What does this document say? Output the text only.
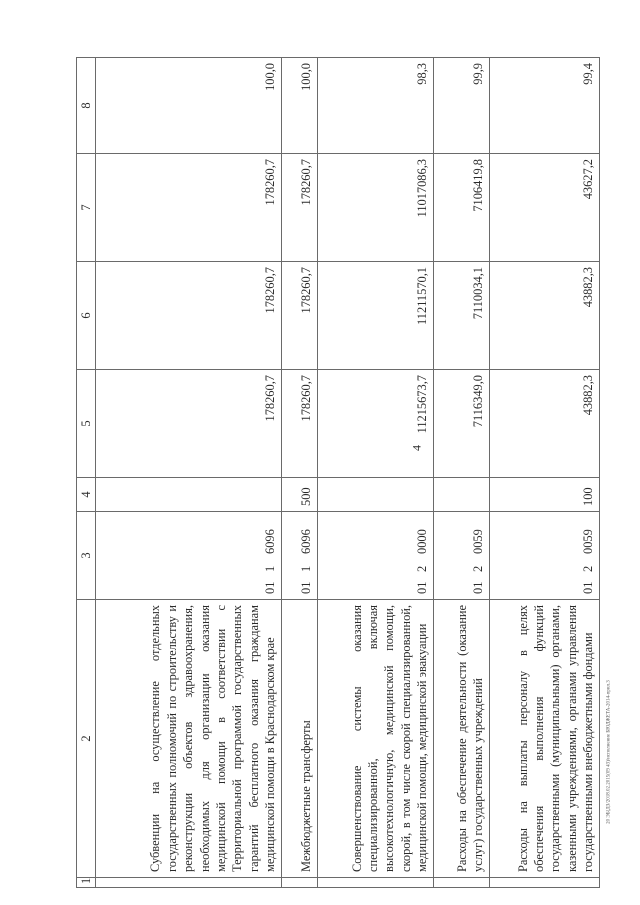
4
20 ЭБ(ДЗ/2018.02.2015(09 43)/исполнение БЮДЖЕТА-2014-прил.3
1	2	3	4	5	6	7	8
	Субвенции на осуществление отдельных государственных полномочий по строительству и реконструкции объектов здравоохранения, необходимых для организации оказания медицинской помощи в соответствии с Территориальной программой государственных гарантий бесплатного оказания гражданам медицинской помощи в Краснодарском крае	0116096		178260,7	178260,7	178260,7	100,0
	Межбюджетные трансферты	0116096	500	178260,7	178260,7	178260,7	100,0
	Совершенствование системы оказания специализированной, включая высокотехнологичную, медицинской помощи, скорой, в том числе скорой специализированной, медицинской помощи, медицинской эвакуации	0120000		11215673,7	11211570,1	11017086,3	98,3
	Расходы на обеспечение деятельности (оказание услуг) государственных учреждений	0120059		7116349,0	7110034,1	7106419,8	99,9
	Расходы на выплаты персоналу в целях обеспечения выполнения функций государственными (муниципальными) органами, казенными учреждениями, органами управления государственными внебюджетными фондами	0120059	100	43882,3	43882,3	43627,2	99,4
